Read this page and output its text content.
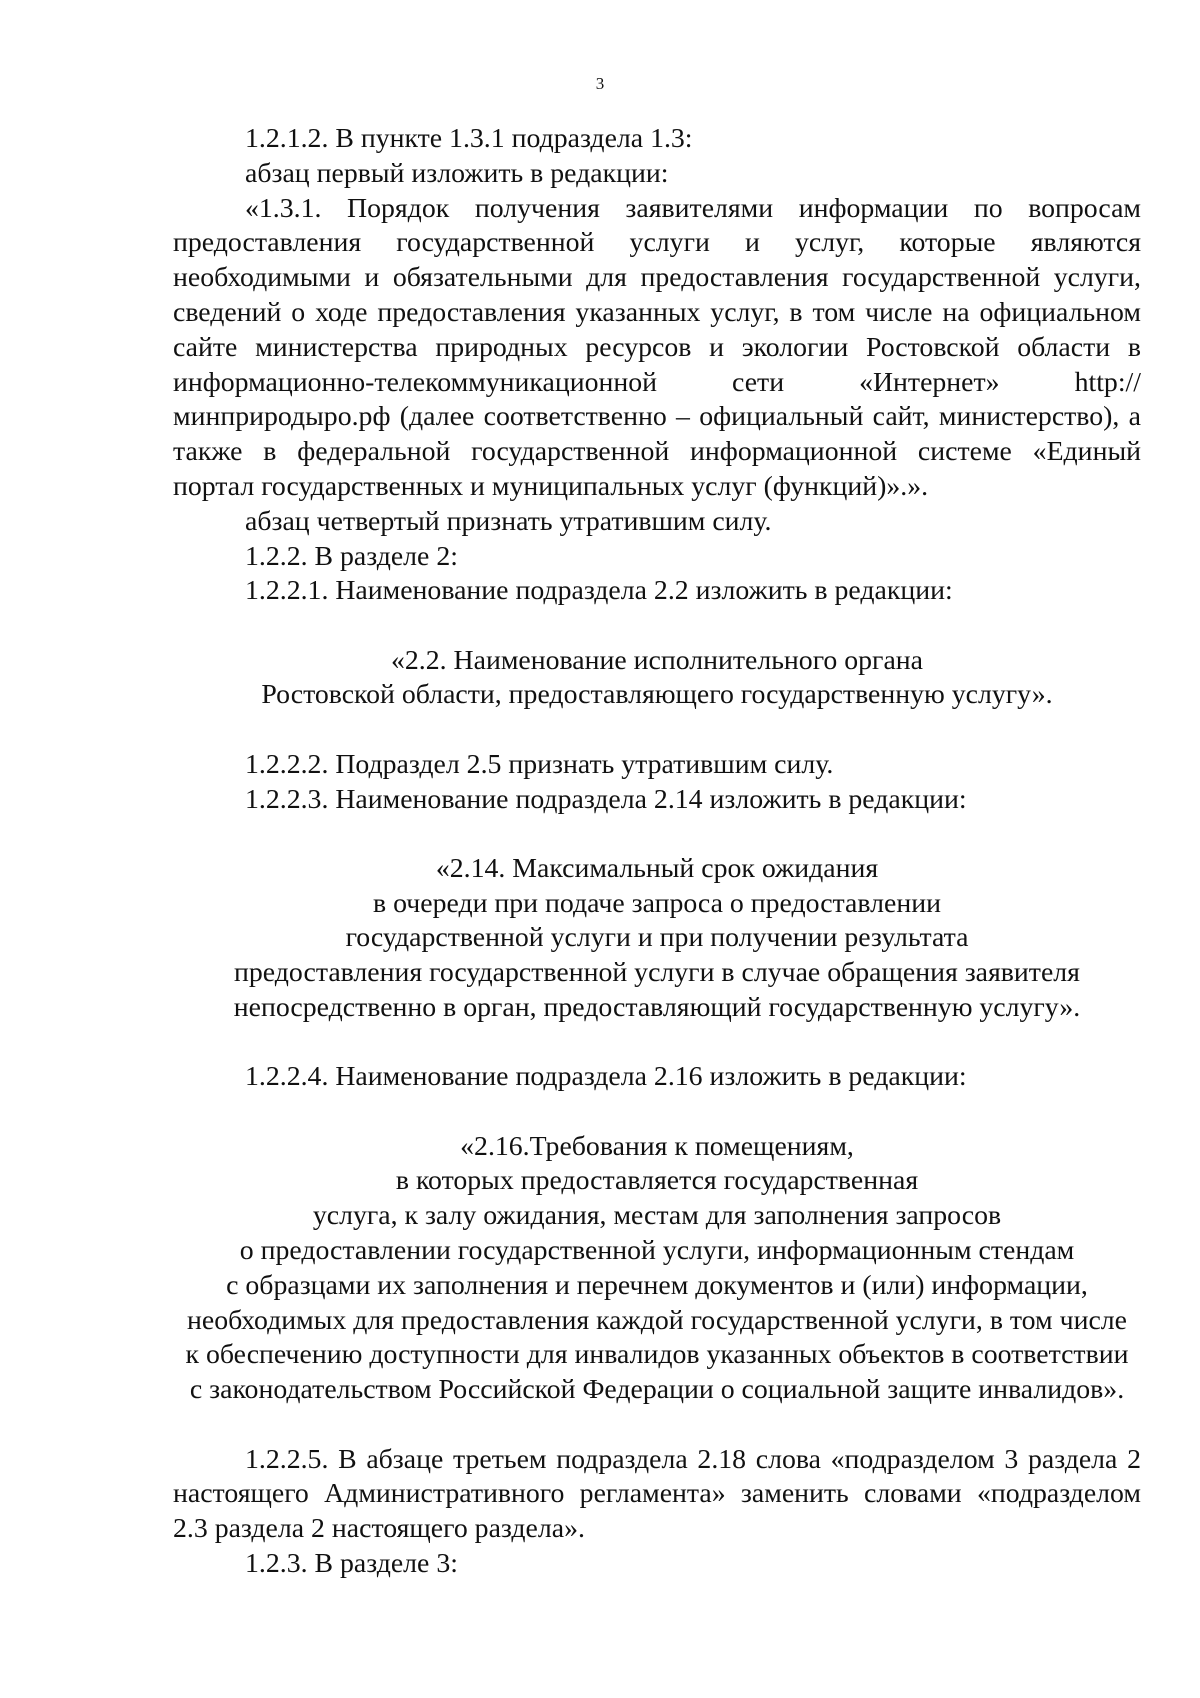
3

1.2.1.2. В пункте 1.3.1 подраздела 1.3:

абзац первый изложить в редакции:

«1.3.1. Порядок получения заявителями информации по вопросам предоставления государственной услуги и услуг, которые являются необходимыми и обязательными для предоставления государственной услуги, сведений о ходе предоставления указанных услуг, в том числе на официальном сайте министерства природных ресурсов и экологии Ростовской области в информационно-телекоммуникационной сети «Интернет» http://минприродыро.рф (далее соответственно – официальный сайт, министерство), а также в федеральной государственной информационной системе «Единый портал государственных и муниципальных услуг (функций)».».

абзац четвертый признать утратившим силу.

1.2.2. В разделе 2:

1.2.2.1. Наименование подраздела 2.2 изложить в редакции:

«2.2. Наименование исполнительного органа
Ростовской области, предоставляющего государственную услугу».

1.2.2.2. Подраздел 2.5 признать утратившим силу.

1.2.2.3. Наименование подраздела 2.14 изложить в редакции:

«2.14. Максимальный срок ожидания
в очереди при подаче запроса о предоставлении
государственной услуги и при получении результата
предоставления государственной услуги в случае обращения заявителя
непосредственно в орган, предоставляющий государственную услугу».

1.2.2.4. Наименование подраздела 2.16 изложить в редакции:

«2.16.Требования к помещениям,
в которых предоставляется государственная
услуга, к залу ожидания, местам для заполнения запросов
о предоставлении государственной услуги, информационным стендам
с образцами их заполнения и перечнем документов и (или) информации,
необходимых для предоставления каждой государственной услуги, в том числе
к обеспечению доступности для инвалидов указанных объектов в соответствии
с законодательством Российской Федерации о социальной защите инвалидов».

1.2.2.5. В абзаце третьем подраздела 2.18 слова «подразделом 3 раздела 2 настоящего Административного регламента» заменить словами «подразделом 2.3 раздела 2 настоящего раздела».

1.2.3. В разделе 3:
